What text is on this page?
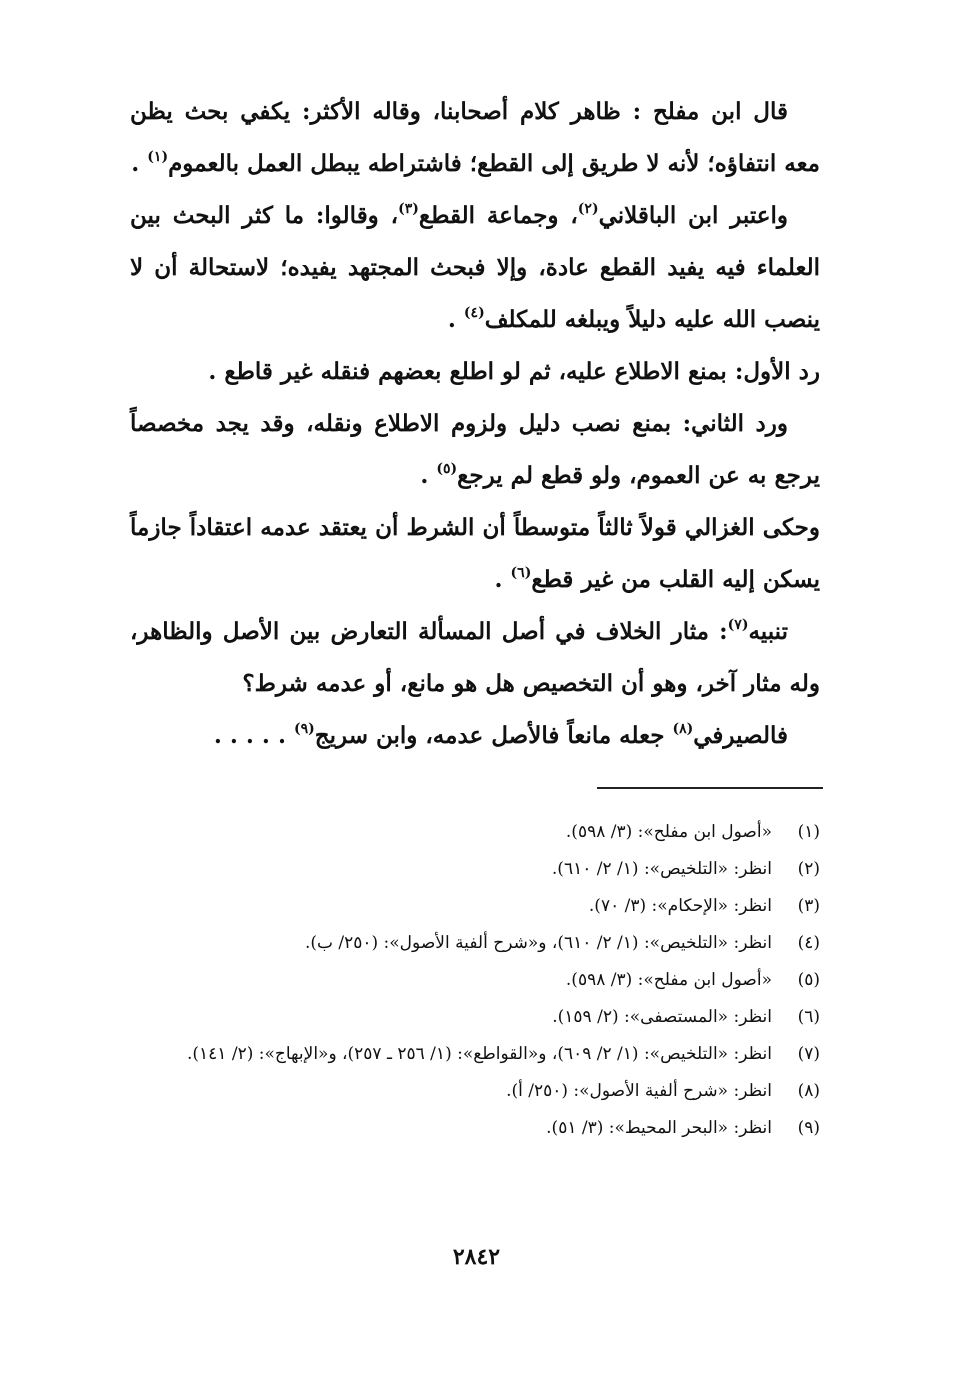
قال ابن مفلح : ظاهر كلام أصحابنا، وقاله الأكثر: يكفي بحث يظن معه انتفاؤه؛ لأنه لا طريق إلى القطع؛ فاشتراطه يبطل العمل بالعموم$^{(١)}$ .

واعتبر ابن الباقلاني$^{(٢)}$، وجماعة القطع$^{(٣)}$، وقالوا: ما كثر البحث بين العلماء فيه يفيد القطع عادة، وإلا فبحث المجتهد يفيده؛ لاستحالة أن لا ينصب الله عليه دليلاً ويبلغه للمكلف$^{(٤)}$ .

رد الأول: بمنع الاطلاع عليه، ثم لو اطلع بعضهم فنقله غير قاطع .

ورد الثاني: بمنع نصب دليل ولزوم الاطلاع ونقله، وقد يجد مخصصاً يرجع به عن العموم، ولو قطع لم يرجع$^{(٥)}$ .

وحكى الغزالي قولاً ثالثاً متوسطاً أن الشرط أن يعتقد عدمه اعتقاداً جازماً يسكن إليه القلب من غير قطع$^{(٦)}$ .

تنبيه$^{(٧)}$: مثار الخلاف في أصل المسألة التعارض بين الأصل والظاهر، وله مثار آخر، وهو أن التخصيص هل هو مانع، أو عدمه شرط؟

فالصيرفي$^{(٨)}$ جعله مانعاً فالأصل عدمه، وابن سريج$^{(٩)}$ . . . . .

(١)
«أصول ابن مفلح»: (٣/ ٥٩٨).
(٢)
انظر: «التلخيص»: (١/ ٢/ ٦١٠).
(٣)
انظر: «الإحكام»: (٣/ ٧٠).
(٤)
انظر: «التلخيص»: (١/ ٢/ ٦١٠)، و«شرح ألفية الأصول»: (٢٥٠/ ب).
(٥)
«أصول ابن مفلح»: (٣/ ٥٩٨).
(٦)
انظر: «المستصفى»: (٢/ ١٥٩).
(٧)
انظر: «التلخيص»: (١/ ٢/ ٦٠٩)، و«القواطع»: (١/ ٢٥٦ ـ ٢٥٧)، و«الإبهاج»: (٢/ ١٤١).
(٨)
انظر: «شرح ألفية الأصول»: (٢٥٠/ أ).
(٩)
انظر: «البحر المحيط»: (٣/ ٥١).
٢٨٤٢
